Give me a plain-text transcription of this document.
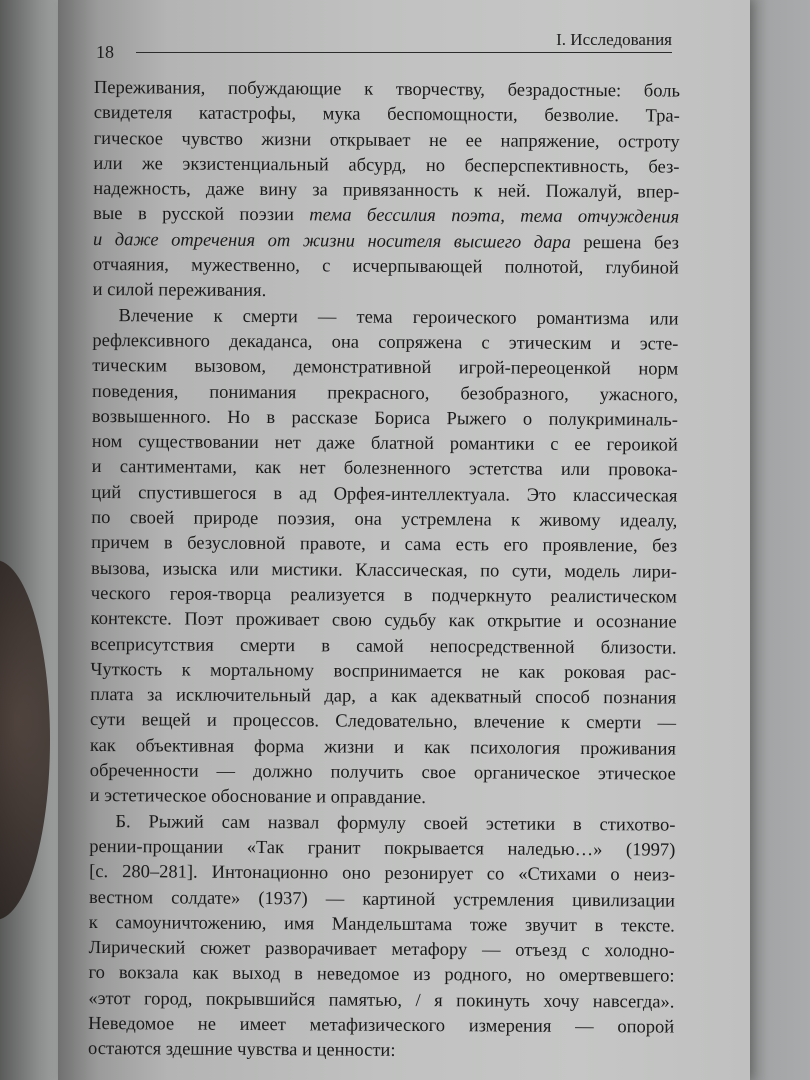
18
I. Исследования
Переживания, побуждающие к творчеству, безрадостные: боль
свидетеля катастрофы, мука беспомощности, безволие. Тра-
гическое чувство жизни открывает не ее напряжение, остроту
или же экзистенциальный абсурд, но бесперспективность, без-
надежность, даже вину за привязанность к ней. Пожалуй, впер-
вые в русской поэзии тема бессилия поэта, тема отчуждения
и даже отречения от жизни носителя высшего дара решена без
отчаяния, мужественно, с исчерпывающей полнотой, глубиной
и силой переживания.
Влечение к смерти — тема героического романтизма или
рефлексивного декаданса, она сопряжена с этическим и эсте-
тическим вызовом, демонстративной игрой-переоценкой норм
поведения, понимания прекрасного, безобразного, ужасного,
возвышенного. Но в рассказе Бориса Рыжего о полукриминаль-
ном существовании нет даже блатной романтики с ее героикой
и сантиментами, как нет болезненного эстетства или провока-
ций спустившегося в ад Орфея-интеллектуала. Это классическая
по своей природе поэзия, она устремлена к живому идеалу,
причем в безусловной правоте, и сама есть его проявление, без
вызова, изыска или мистики. Классическая, по сути, модель лири-
ческого героя-творца реализуется в подчеркнуто реалистическом
контексте. Поэт проживает свою судьбу как открытие и осознание
всеприсутствия смерти в самой непосредственной близости.
Чуткость к мортальному воспринимается не как роковая рас-
плата за исключительный дар, а как адекватный способ познания
сути вещей и процессов. Следовательно, влечение к смерти —
как объективная форма жизни и как психология проживания
обреченности — должно получить свое органическое этическое
и эстетическое обоснование и оправдание.
Б. Рыжий сам назвал формулу своей эстетики в стихотво-
рении-прощании «Так гранит покрывается наледью…» (1997)
[с. 280–281]. Интонационно оно резонирует со «Стихами о неиз-
вестном солдате» (1937) — картиной устремления цивилизации
к самоуничтожению, имя Мандельштама тоже звучит в тексте.
Лирический сюжет разворачивает метафору — отъезд с холодно-
го вокзала как выход в неведомое из родного, но омертвевшего:
«этот город, покрывшийся памятью, / я покинуть хочу навсегда».
Неведомое не имеет метафизического измерения — опорой
остаются здешние чувства и ценности:
